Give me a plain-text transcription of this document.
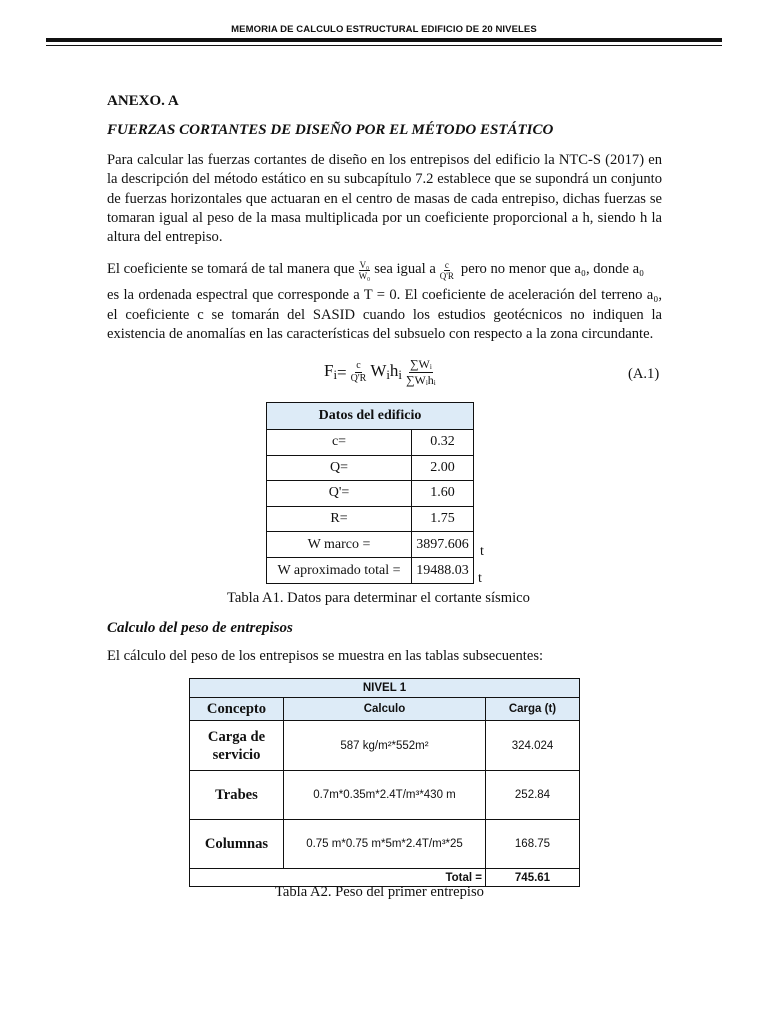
MEMORIA DE CALCULO ESTRUCTURAL EDIFICIO DE 20 NIVELES
ANEXO. A
FUERZAS CORTANTES DE DISEÑO POR EL MÉTODO ESTÁTICO
Para calcular las fuerzas cortantes de diseño en los entrepisos del edificio la NTC-S (2017) en la descripción del método estático en su subcapítulo 7.2 establece que se supondrá un conjunto de fuerzas horizontales que actuaran en el centro de masas de cada entrepiso, dichas fuerzas se tomaran igual al peso de la masa multiplicada por un coeficiente proporcional a h, siendo h la altura del entrepiso.
El coeficiente se tomará de tal manera que $\frac{\text{V₀}}{\text{W₀}}$ sea igual a $\frac{c}{Q'R}$ pero no menor que a₀, donde a₀
es la ordenada espectral que corresponde a T = 0. El coeficiente de aceleración del terreno a₀, el coeficiente c se tomarán del SASID cuando los estudios geotécnicos no indiquen la existencia de anomalías en las características del subsuelo con respecto a la zona circundante.
$F_i = \frac{c}{Q'R} W_ih_i \frac{\text{∑Wᵢ}}{\text{∑Wᵢhᵢ}}$	(A.1)
Datos del edificio	
c=	0.32
Q=	2.00
Q'=	1.60
R=	1.75
W marco =	3897.606
W aproximado total =	19488.03
t
t
Tabla A1. Datos para determinar el cortante sísmico
Calculo del peso de entrepisos
El cálculo del peso de los entrepisos se muestra en las tablas subsecuentes:
NIVEL 1		
Concepto	Calculo	Carga (t)
Carga de servicio	587 kg/m²*552m²	324.024
Trabes	0.7m*0.35m*2.4T/m³*430 m	252.84
Columnas	0.75 m*0.75 m*5m*2.4T/m³*25	168.75
Total =		745.61
Tabla A2. Peso del primer entrepiso
